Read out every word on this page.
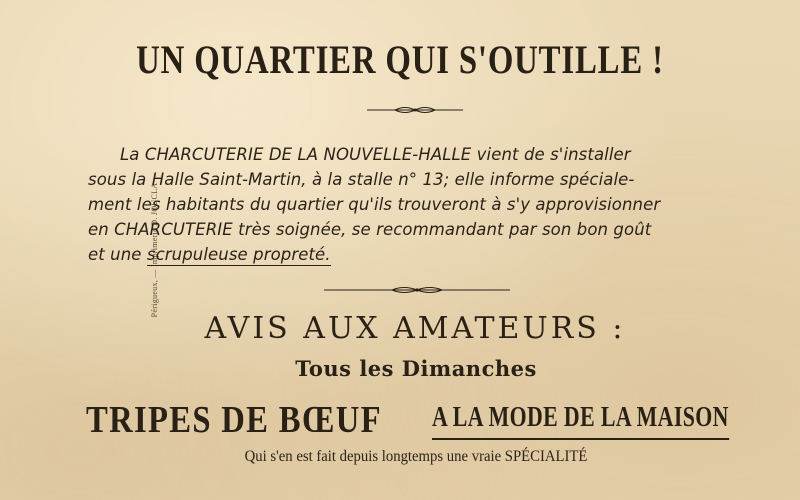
Périgueux, — Imprimerie D. JOUCLA
UN QUARTIER QUI S'OUTILLE !
La CHARCUTERIE DE LA NOUVELLE-HALLE vient de s'installer
sous la Halle Saint-Martin, à la stalle n° 13; elle informe spéciale-
ment les habitants du quartier qu'ils trouveront à s'y approvisionner
en CHARCUTERIE très soignée, se recommandant par son bon goût
et une scrupuleuse propreté.
AVIS AUX AMATEURS :
Tous les Dimanches
TRIPES DE BŒUF A LA MODE DE LA MAISON
Qui s'en est fait depuis longtemps une vraie SPÉCIALITÉ
